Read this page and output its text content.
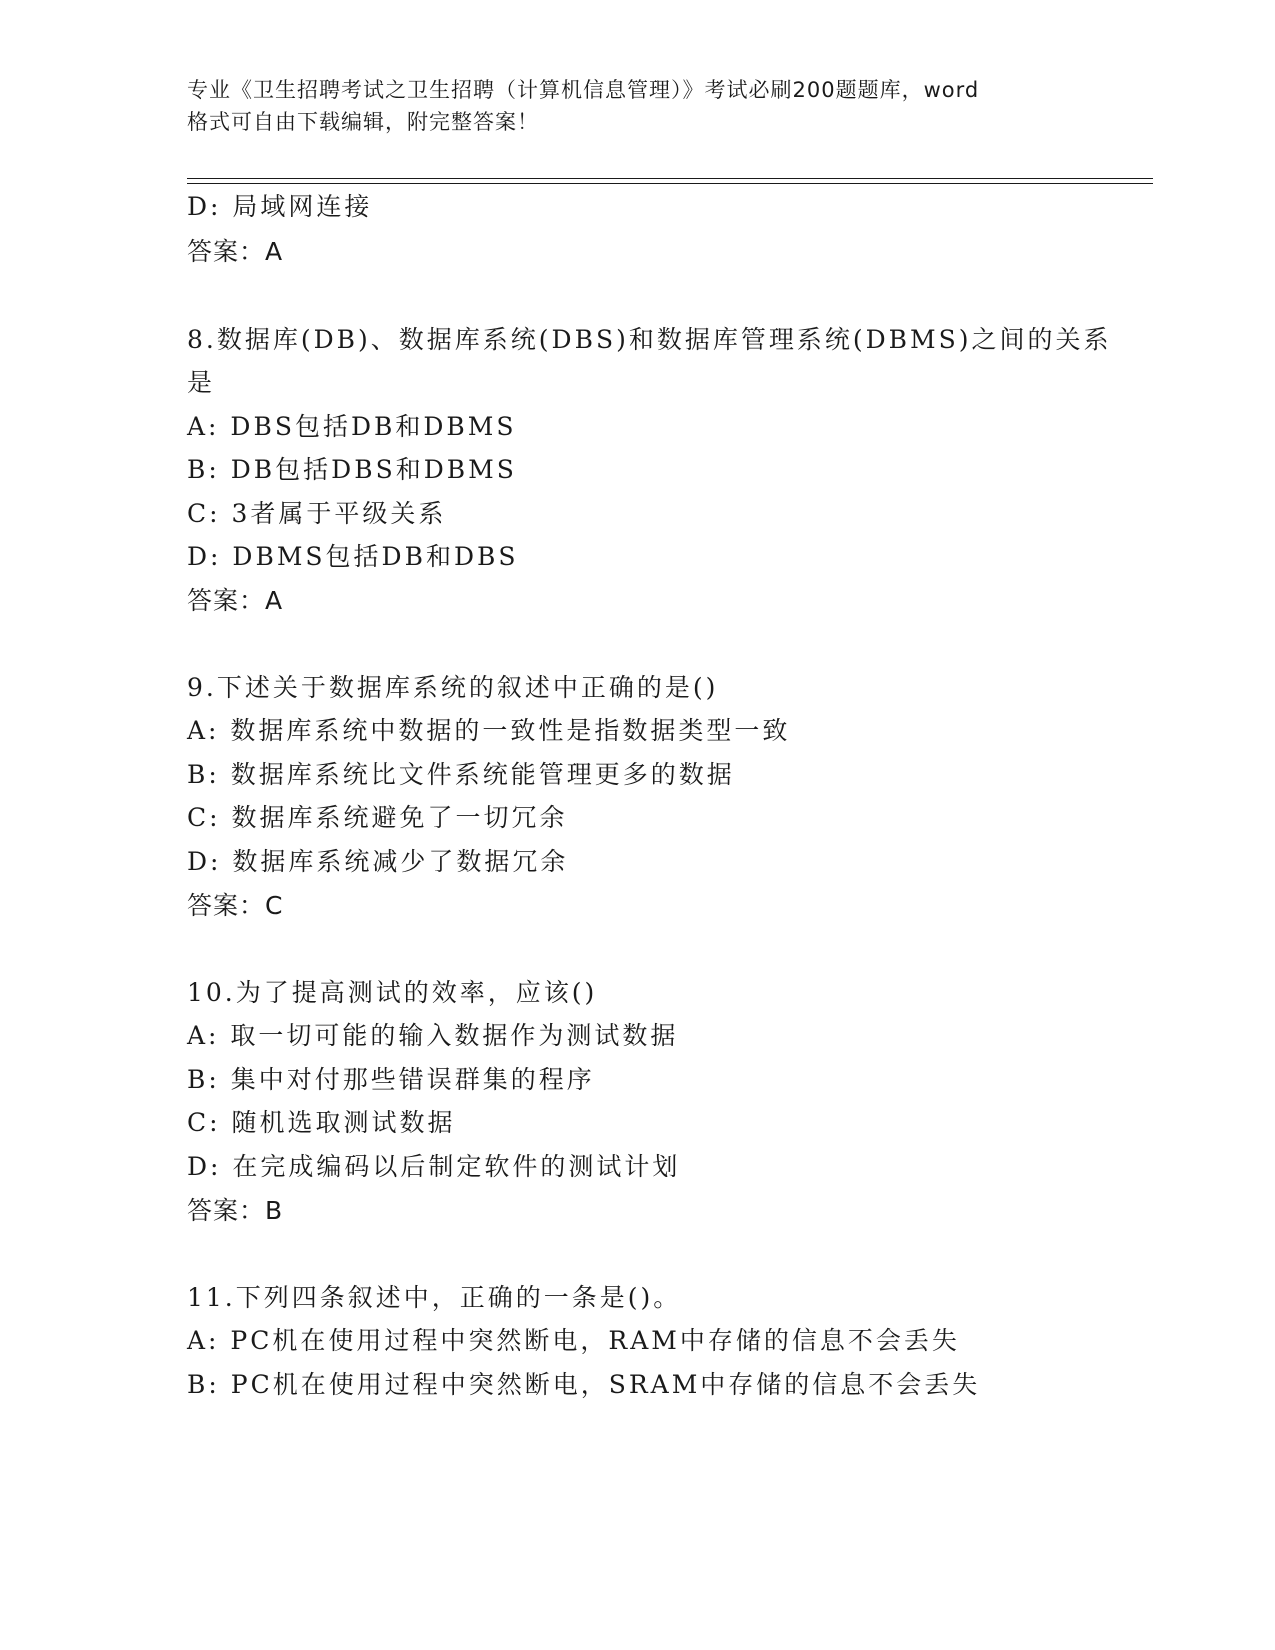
专业《卫生招聘考试之卫生招聘（计算机信息管理）》考试必刷200题题库，word
格式可自由下载编辑，附完整答案！
D: 局域网连接
答案：A
8.数据库(DB)、数据库系统(DBS)和数据库管理系统(DBMS)之间的关系
是
A: DBS包括DB和DBMS
B: DB包括DBS和DBMS
C: 3者属于平级关系
D: DBMS包括DB和DBS
答案：A
9.下述关于数据库系统的叙述中正确的是()
A: 数据库系统中数据的一致性是指数据类型一致
B: 数据库系统比文件系统能管理更多的数据
C: 数据库系统避免了一切冗余
D: 数据库系统减少了数据冗余
答案：C
10.为了提高测试的效率，应该()
A: 取一切可能的输入数据作为测试数据
B: 集中对付那些错误群集的程序
C: 随机选取测试数据
D: 在完成编码以后制定软件的测试计划
答案：B
11.下列四条叙述中，正确的一条是()。
A: PC机在使用过程中突然断电，RAM中存储的信息不会丢失
B: PC机在使用过程中突然断电，SRAM中存储的信息不会丢失
